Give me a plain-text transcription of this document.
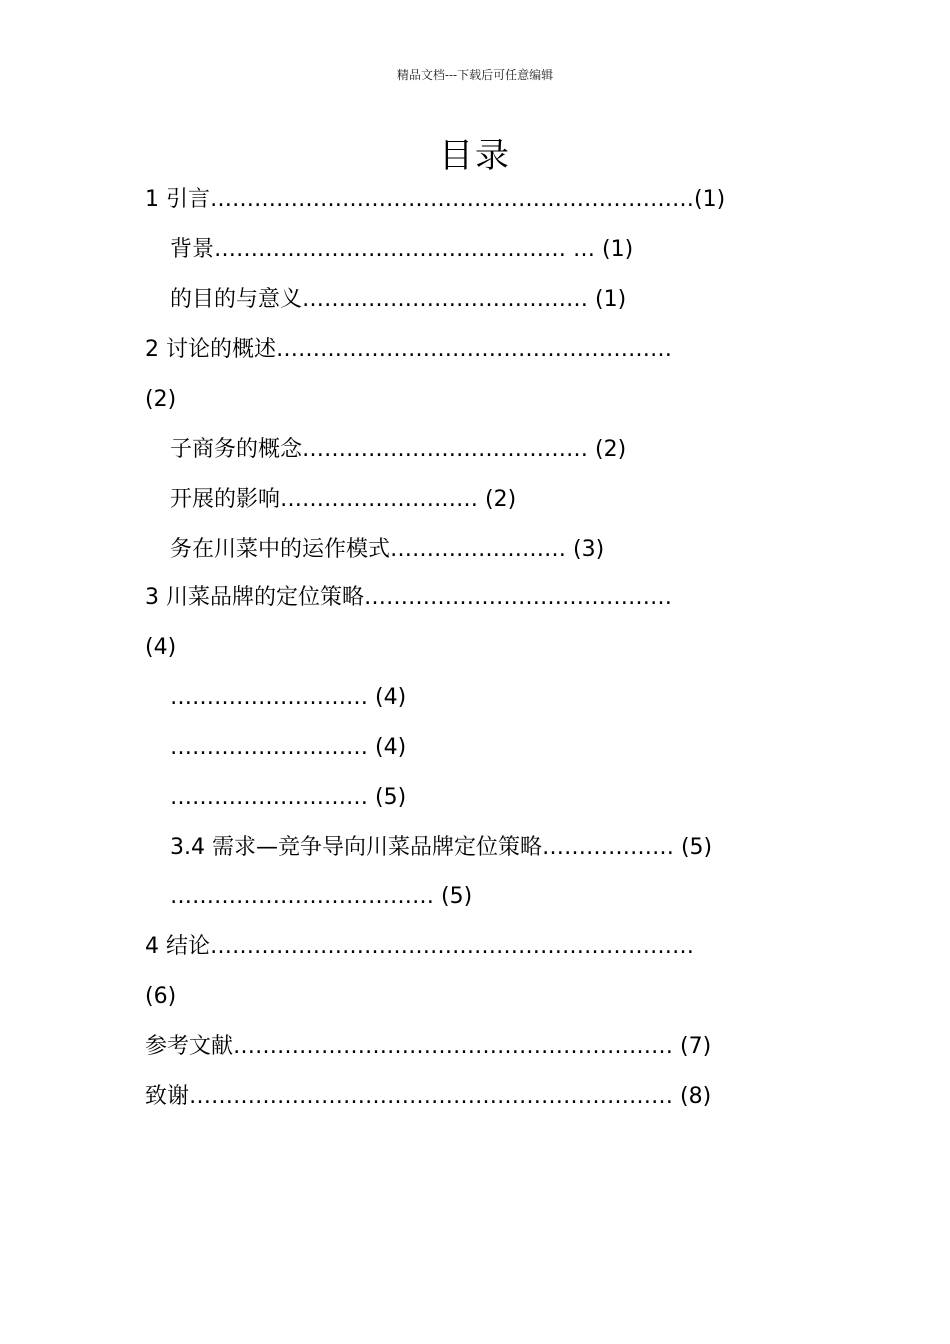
精品文档---下载后可任意编辑
目录
1 引言…………………………………………………………(1)
背景………………………………………… … (1)
的目的与意义………………………………… (1)
2 讨论的概述………………………………………………
(2)
子商务的概念………………………………… (2)
开展的影响……………………… (2)
务在川菜中的运作模式…………………… (3)
3 川菜品牌的定位策略……………………………………
(4)
……………………… (4)
……………………… (4)
……………………… (5)
3.4 需求—竞争导向川菜品牌定位策略……………… (5)
……………………………… (5)
4 结论…………………………………………………………
(6)
参考文献…………………………………………………… (7)
致谢………………………………………………………… (8)
